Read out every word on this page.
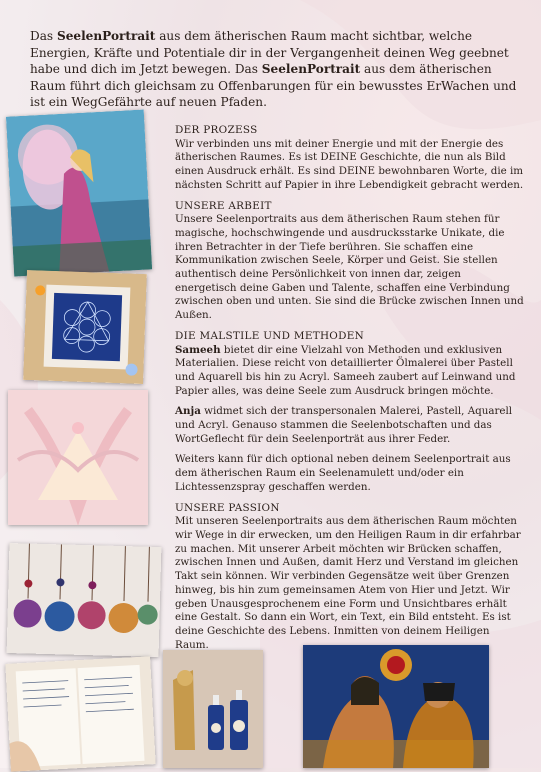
Das SeelenPortrait aus dem ätherischen Raum macht sichtbar, welche Energien, Kräfte und Potentiale dir in der Vergangenheit deinen Weg geebnet habe und dich im Jetzt bewegen. Das SeelenPortrait aus dem ätherischen Raum führt dich gleichsam zu Offenbarungen für ein bewusstes ErWachen und ist ein WegGefährte auf neuen Pfaden.
DER PROZESS

Wir verbinden uns mit deiner Energie und mit der Energie des ätherischen Raumes. Es ist DEINE Geschichte, die nun als Bild einen Ausdruck erhält. Es sind DEINE bewohnbaren Worte, die im nächsten Schritt auf Papier in ihre Lebendigkeit gebracht werden.

UNSERE ARBEIT

Unsere Seelenportraits aus dem ätherischen Raum stehen für magische, hochschwingende und ausdrucksstarke Unikate, die ihren Betrachter in der Tiefe berühren. Sie schaffen eine Kommunikation zwischen Seele, Körper und Geist. Sie stellen authentisch deine Persönlichkeit von innen dar, zeigen energetisch deine Gaben und Talente, schaffen eine Verbindung zwischen oben und unten. Sie sind die Brücke zwischen Innen und Außen.

DIE MALSTILE UND METHODEN

Sameeh bietet dir eine Vielzahl von Methoden und exklusiven Materialien. Diese reicht von detaillierter Ölmalerei über Pastell und Aquarell bis hin zu Acryl. Sameeh zaubert auf Leinwand und Papier alles, was deine Seele zum Ausdruck bringen möchte.

Anja widmet sich der transpersonalen Malerei, Pastell, Aquarell und Acryl. Genauso stammen die Seelenbotschaften und das WortGeflecht für dein Seelenporträt aus ihrer Feder.

Weiters kann für dich optional neben deinem Seelenportrait aus dem ätherischen Raum ein Seelenamulett und/oder ein Lichtessenzspray geschaffen werden.

UNSERE PASSION

Mit unseren Seelenportraits aus dem ätherischen Raum möchten wir Wege in dir erwecken, um den Heiligen Raum in dir erfahrbar zu machen. Mit unserer Arbeit möchten wir Brücken schaffen, zwischen Innen und Außen, damit Herz und Verstand im gleichen Takt sein können. Wir verbinden Gegensätze weit über Grenzen hinweg, bis hin zum gemeinsamen Atem von Hier und Jetzt. Wir geben Unausgesprochenem eine Form und Unsichtbares erhält eine Gestalt. So dann ein Wort, ein Text, ein Bild entsteht. Es ist deine Geschichte des Lebens. Inmitten von deinem Heiligen Raum.
